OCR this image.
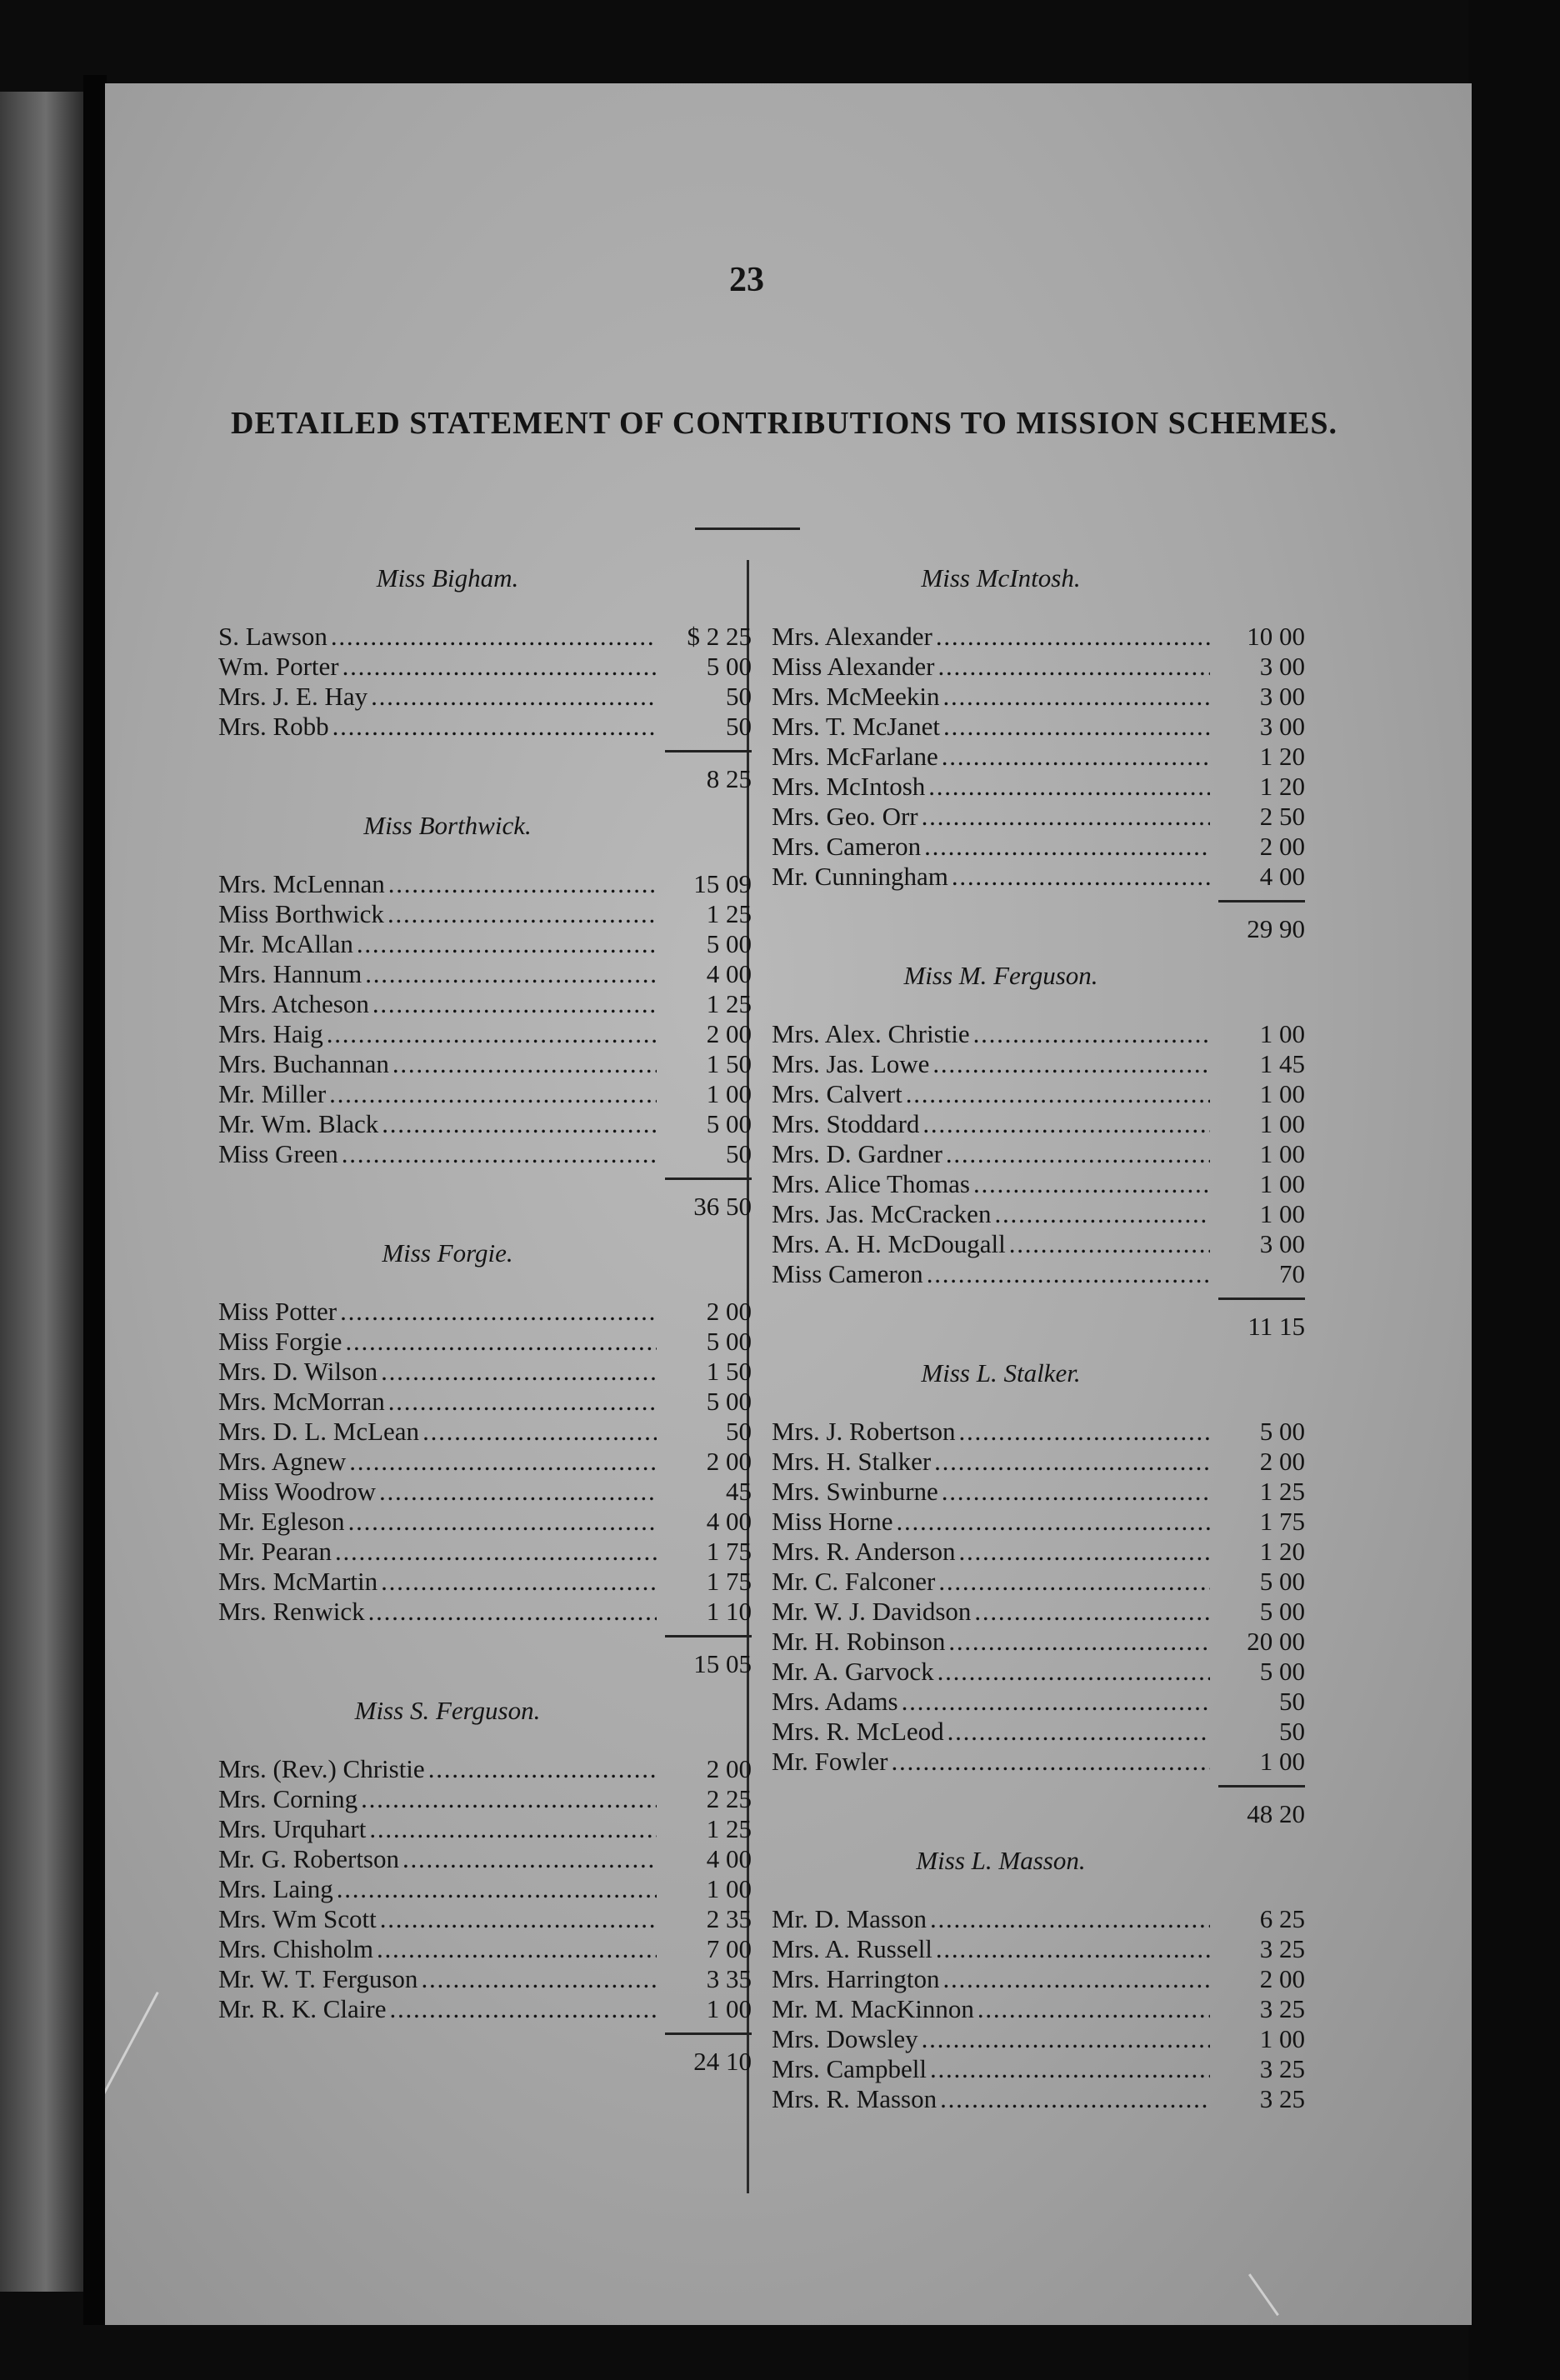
23
DETAILED STATEMENT OF CONTRIBUTIONS TO MISSION SCHEMES.
Miss Bigham.
S. Lawson . . .	$ 2 25
Wm. Porter . . .	5 00
Mrs. J. E. Hay . . .	50
Mrs. Robb . . .	50
8 25
Miss Borthwick.
Mrs. McLennan . . .	15 09
Miss Borthwick . . .	1 25
Mr. McAllan . . .	5 00
Mrs. Hannum . . .	4 00
Mrs. Atcheson . . .	1 25
Mrs. Haig . . .	2 00
Mrs. Buchannan . . .	1 50
Mr. Miller . . .	1 00
Mr. Wm. Black . . .	5 00
Miss Green . . .	50
36 50
Miss Forgie.
Miss Potter . . .	2 00
Miss Forgie . . .	5 00
Mrs. D. Wilson . . .	1 50
Mrs. McMorran . . .	5 00
Mrs. D. L. McLean . . .	50
Mrs. Agnew . . .	2 00
Miss Woodrow . . .	45
Mr. Egleson . . .	4 00
Mr. Pearan . . .	1 75
Mrs. McMartin . . .	1 75
Mrs. Renwick . . .	1 10
15 05
Miss S. Ferguson.
Mrs. (Rev.) Christie . . .	2 00
Mrs. Corning . . .	2 25
Mrs. Urquhart . . .	1 25
Mr. G. Robertson . . .	4 00
Mrs. Laing . . .	1 00
Mrs. Wm Scott . . .	2 35
Mrs. Chisholm . . .	7 00
Mr. W. T. Ferguson . . .	3 35
Mr. R. K. Claire . . .	1 00
24 10
Miss McIntosh.
Mrs. Alexander . . .	10 00
Miss Alexander . . .	3 00
Mrs. McMeekin . . .	3 00
Mrs. T. McJanet . . .	3 00
Mrs. McFarlane . . .	1 20
Mrs. McIntosh . . .	1 20
Mrs. Geo. Orr . . .	2 50
Mrs. Cameron . . .	2 00
Mr. Cunningham . . .	4 00
29 90
Miss M. Ferguson.
Mrs. Alex. Christie . . .	1 00
Mrs. Jas. Lowe . . .	1 45
Mrs. Calvert . . .	1 00
Mrs. Stoddard . . .	1 00
Mrs. D. Gardner . . .	1 00
Mrs. Alice Thomas . . .	1 00
Mrs. Jas. McCracken . . .	1 00
Mrs. A. H. McDougall . . .	3 00
Miss Cameron . . .	70
11 15
Miss L. Stalker.
Mrs. J. Robertson . . .	5 00
Mrs. H. Stalker . . .	2 00
Mrs. Swinburne . . .	1 25
Miss Horne . . .	1 75
Mrs. R. Anderson . . .	1 20
Mr. C. Falconer . . .	5 00
Mr. W. J. Davidson . . .	5 00
Mr. H. Robinson . . .	20 00
Mr. A. Garvock . . .	5 00
Mrs. Adams . . .	50
Mrs. R. McLeod . . .	50
Mr. Fowler . . .	1 00
48 20
Miss L. Masson.
Mr. D. Masson . . .	6 25
Mrs. A. Russell . . .	3 25
Mrs. Harrington . . .	2 00
Mr. M. MacKinnon . . .	3 25
Mrs. Dowsley . . .	1 00
Mrs. Campbell . . .	3 25
Mrs. R. Masson . . .	3 25
